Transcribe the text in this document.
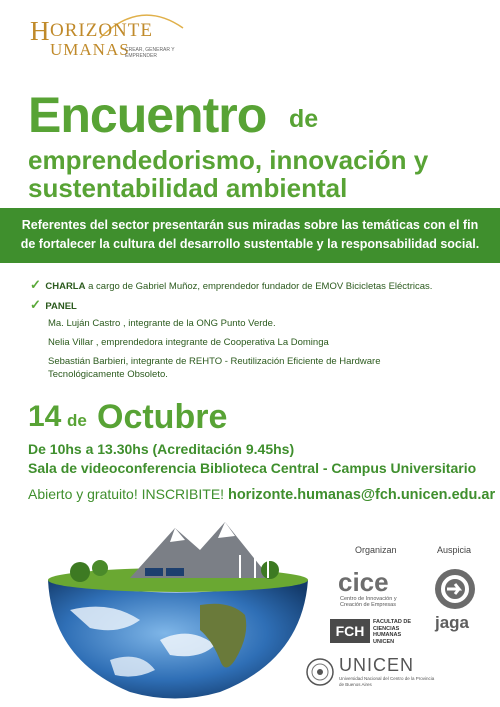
H ORIZONTE
UMANAS
CREAR, GENERAR Y EMPRENDER
Encuentro de
emprendedorismo, innovación y
sustentabilidad ambiental
Referentes del sector presentarán sus miradas sobre las temáticas con el fin
de fortalecer la cultura del desarrollo sustentable y la responsabilidad social.
✓ CHARLA a cargo de Gabriel Muñoz, emprendedor fundador de EMOV Bicicletas Eléctricas.
✓ PANEL
Ma. Luján Castro , integrante de la ONG Punto Verde.
Nelia Villar , emprendedora integrante de Cooperativa La Dominga
Sebastián Barbieri, integrante de REHTO - Reutilización Eficiente de Hardware
Tecnológicamente Obsoleto.
14 de Octubre
De 10hs a 13.30hs (Acreditación 9.45hs)
Sala de videoconferencia Biblioteca Central - Campus Universitario
Abierto y gratuito! INSCRIBITE! horizonte.humanas@fch.unicen.edu.ar
Organizan	Auspicia
cice
Centro de Innovación y Creación de Empresas
jaga
FCH
FACULTAD DE CIENCIAS HUMANAS UNICEN
UNICEN
Universidad Nacional del Centro de la Provincia de Buenos Aires
